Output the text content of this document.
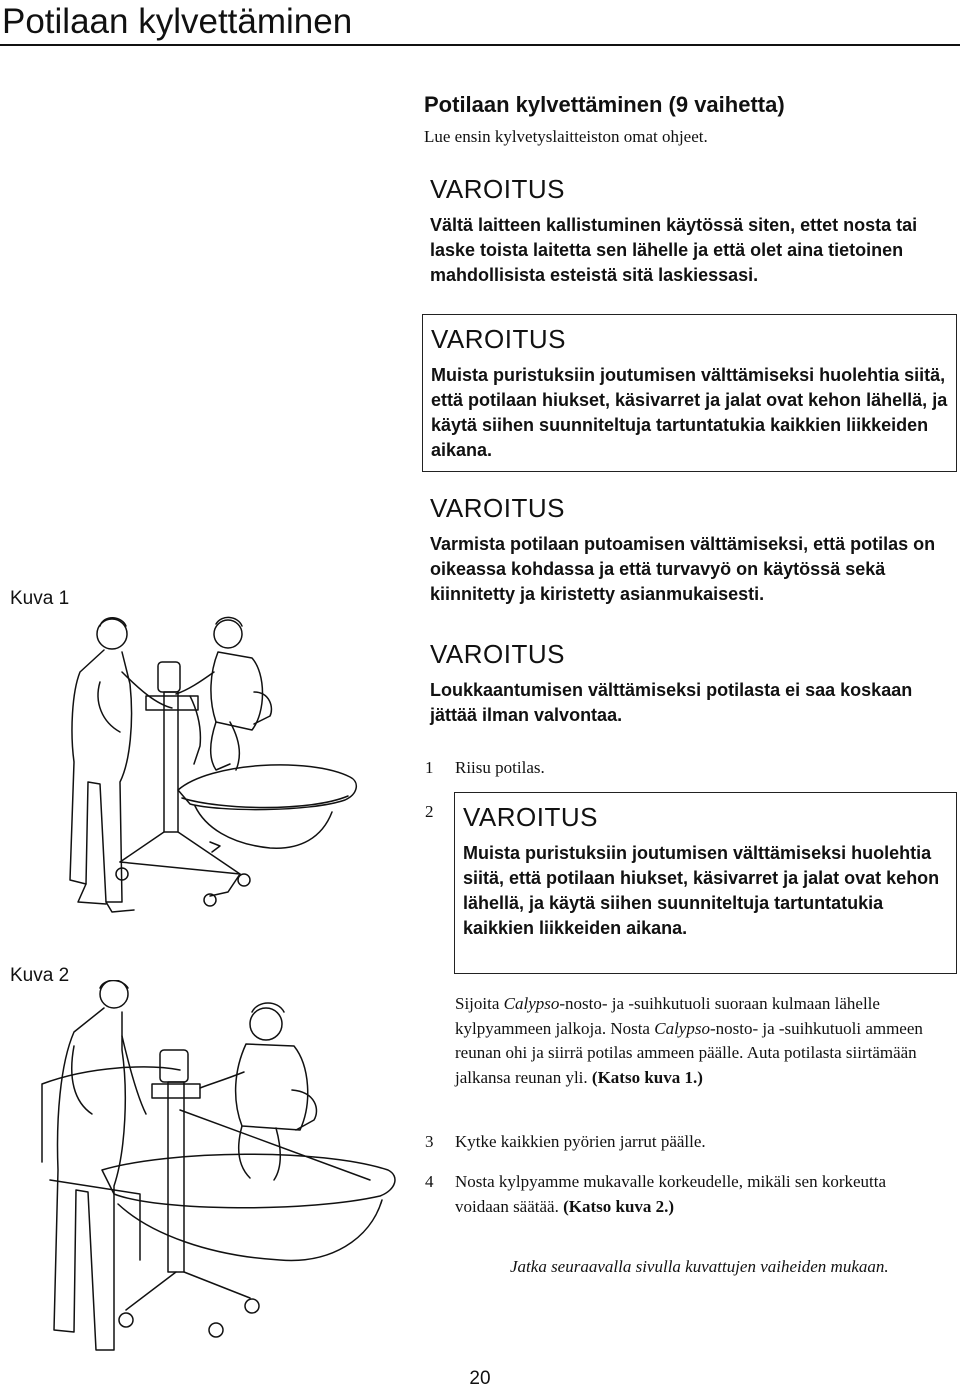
Potilaan kylvettäminen
Potilaan kylvettäminen (9 vaihetta)
Lue ensin kylvetyslaitteiston omat ohjeet.
VAROITUS
Vältä laitteen kallistuminen käytössä siten, ettet nosta tai laske toista laitetta sen lähelle ja että olet aina tietoinen mahdollisista esteistä sitä laskiessasi.
VAROITUS
Muista puristuksiin joutumisen välttämiseksi huolehtia siitä, että potilaan hiukset, käsivarret ja jalat ovat kehon lähellä, ja käytä siihen suunniteltuja tartuntatukia kaikkien liikkeiden aikana.
VAROITUS
Varmista potilaan putoamisen välttämiseksi, että potilas on oikeassa kohdassa ja että turvavyö on käytössä sekä kiinnitetty ja kiristetty asianmukaisesti.
VAROITUS
Loukkaantumisen välttämiseksi potilasta ei saa koskaan jättää ilman valvontaa.
Kuva 1
Kuva 2
1 Riisu potilas.
2 VAROITUS
Muista puristuksiin joutumisen välttämiseksi huolehtia siitä, että potilaan hiukset, käsivarret ja jalat ovat kehon lähellä, ja käytä siihen suunniteltuja tartuntatukia kaikkien liikkeiden aikana.
Sijoita Calypso-nosto- ja -suihkutuoli suoraan kulmaan lähelle kylpyammeen jalkoja. Nosta Calypso-nosto- ja -suihkutuoli ammeen reunan ohi ja siirrä potilas ammeen päälle. Auta potilasta siirtämään jalkansa reunan yli. (Katso kuva 1.)
3 Kytke kaikkien pyörien jarrut päälle.
4 Nosta kylpyamme mukavalle korkeudelle, mikäli sen korkeutta voidaan säätää. (Katso kuva 2.)
Jatka seuraavalla sivulla kuvattujen vaiheiden mukaan.
20
